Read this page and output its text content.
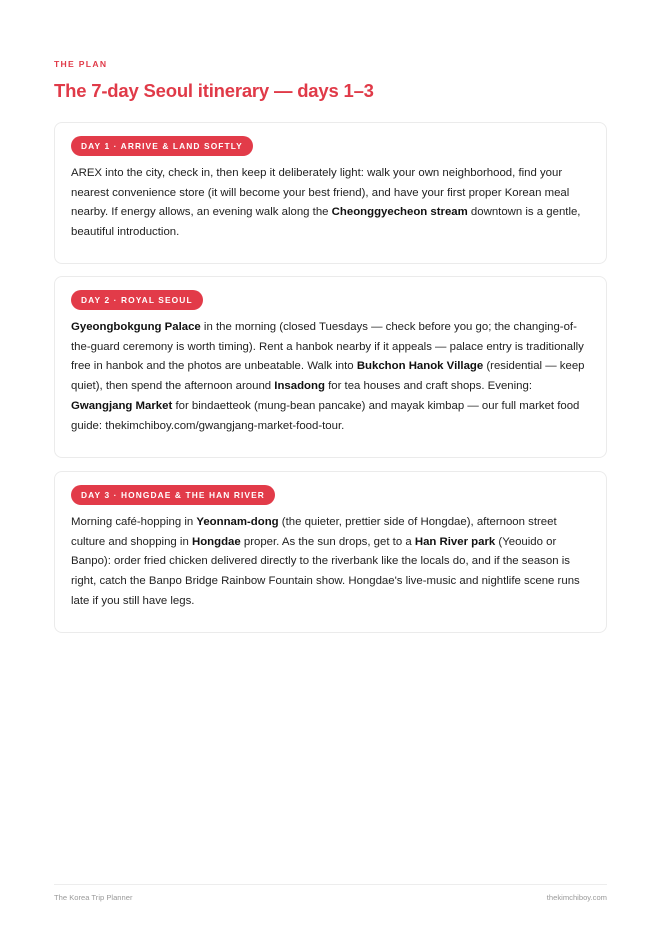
THE PLAN
The 7-day Seoul itinerary — days 1–3
DAY 1 · ARRIVE & LAND SOFTLY

AREX into the city, check in, then keep it deliberately light: walk your own neighborhood, find your nearest convenience store (it will become your best friend), and have your first proper Korean meal nearby. If energy allows, an evening walk along the Cheonggyecheon stream downtown is a gentle, beautiful introduction.

DAY 2 · ROYAL SEOUL

Gyeongbokgung Palace in the morning (closed Tuesdays — check before you go; the changing-of-the-guard ceremony is worth timing). Rent a hanbok nearby if it appeals — palace entry is traditionally free in hanbok and the photos are unbeatable. Walk into Bukchon Hanok Village (residential — keep quiet), then spend the afternoon around Insadong for tea houses and craft shops. Evening: Gwangjang Market for bindaetteok (mung-bean pancake) and mayak kimbap — our full market food guide: thekimchiboy.com/gwangjang-market-food-tour.

DAY 3 · HONGDAE & THE HAN RIVER

Morning café-hopping in Yeonnam-dong (the quieter, prettier side of Hongdae), afternoon street culture and shopping in Hongdae proper. As the sun drops, get to a Han River park (Yeouido or Banpo): order fried chicken delivered directly to the riverbank like the locals do, and if the season is right, catch the Banpo Bridge Rainbow Fountain show. Hongdae's live-music and nightlife scene runs late if you still have legs.

The Korea Trip Planner	thekimchiboy.com
